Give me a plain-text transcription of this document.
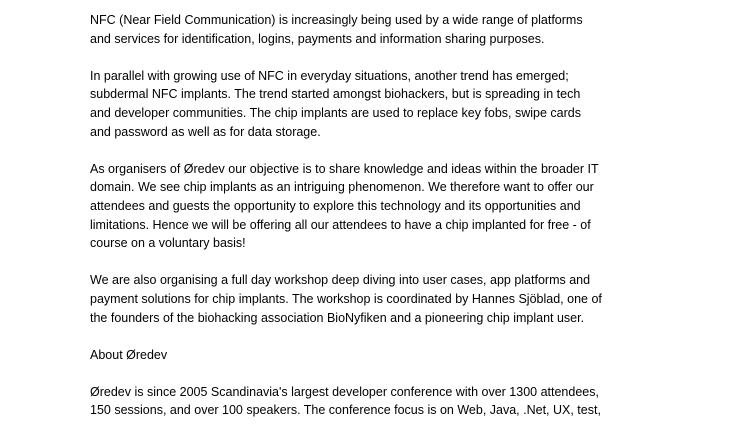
NFC (Near Field Communication) is increasingly being used by a wide range of platforms
and services for identification, logins, payments and information sharing purposes.

In parallel with growing use of NFC in everyday situations, another trend has emerged;
subdermal NFC implants. The trend started amongst biohackers, but is spreading in tech
and developer communities. The chip implants are used to replace key fobs, swipe cards
and password as well as for data storage.

As organisers of Øredev our objective is to share knowledge and ideas within the broader IT
domain. We see chip implants as an intriguing phenomenon. We therefore want to offer our
attendees and guests the opportunity to explore this technology and its opportunities and
limitations. Hence we will be offering all our attendees to have a chip implanted for free - of
course on a voluntary basis!

We are also organising a full day workshop deep diving into user cases, app platforms and
payment solutions for chip implants. The workshop is coordinated by Hannes Sjöblad, one of
the founders of the biohacking association BioNyfiken and a pioneering chip implant user.

About Øredev

Øredev is since 2005 Scandinavia's largest developer conference with over 1300 attendees,
150 sessions, and over 100 speakers. The conference focus is on Web, Java, .Net, UX, test,
